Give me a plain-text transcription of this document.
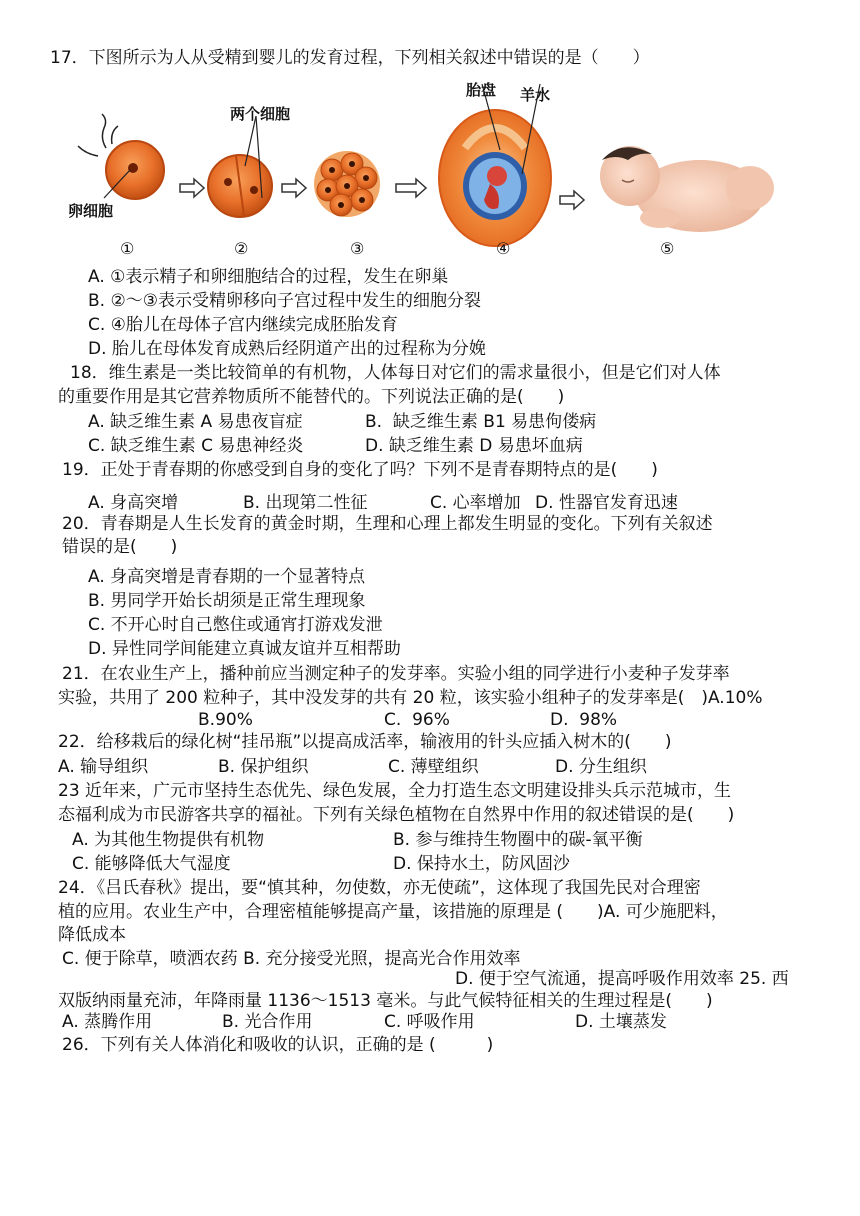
17．下图所示为人从受精到婴儿的发育过程，下列相关叙述中错误的是（　　）
卵细胞
两个细胞
胎盘 羊水
①	②	③	④	⑤
A. ①表示精子和卵细胞结合的过程，发生在卵巢
B. ②～③表示受精卵移向子宫过程中发生的细胞分裂
C. ④胎儿在母体子宫内继续完成胚胎发育
D. 胎儿在母体发育成熟后经阴道产出的过程称为分娩
18．维生素是一类比较简单的有机物，人体每日对它们的需求量很小，但是它们对人体
的重要作用是其它营养物质所不能替代的。下列说法正确的是(　　)
A. 缺乏维生素 A 易患夜盲症	B.  缺乏维生素 B1 易患佝偻病
C. 缺乏维生素 C 易患神经炎	D. 缺乏维生素 D 易患坏血病
19．正处于青春期的你感受到自身的变化了吗？下列不是青春期特点的是(　　)
A. 身高突增	B. 出现第二性征	C. 心率增加 D. 性器官发育迅速
20．青春期是人生长发育的黄金时期，生理和心理上都发生明显的变化。下列有关叙述
错误的是(　　)
A. 身高突增是青春期的一个显著特点
B. 男同学开始长胡须是正常生理现象
C. 不开心时自己憋住或通宵打游戏发泄
D. 异性同学间能建立真诚友谊并互相帮助
21．在农业生产上，播种前应当测定种子的发芽率。实验小组的同学进行小麦种子发芽率
实验，共用了 200 粒种子，其中没发芽的共有 20 粒，该实验小组种子的发芽率是(　)A.10%
B.90%	C.  96%	D.  98%
22．给移栽后的绿化树“挂吊瓶”以提高成活率，输液用的针头应插入树木的(　　)
A. 输导组织	B. 保护组织	C. 薄壁组织	D. 分生组织
23 近年来，广元市坚持生态优先、绿色发展，全力打造生态文明建设排头兵示范城市，生
态福利成为市民游客共享的福祉。下列有关绿色植物在自然界中作用的叙述错误的是(　　)
A. 为其他生物提供有机物	B. 参与维持生物圈中的碳-氧平衡
C. 能够降低大气湿度	D. 保持水土，防风固沙
24．《吕氏春秋》提出，要“慎其种，勿使数，亦无使疏”，这体现了我国先民对合理密
植的应用。农业生产中，合理密植能够提高产量，该措施的原理是 (　　)A. 可少施肥料，
降低成本
C. 便于除草，喷洒农药 B. 充分接受光照，提高光合作用效率
D. 便于空气流通，提高呼吸作用效率 25. 西
双版纳雨量充沛，年降雨量 1136～1513 毫米。与此气候特征相关的生理过程是(　　)
A. 蒸腾作用	B. 光合作用	C. 呼吸作用	D. 土壤蒸发
26．下列有关人体消化和吸收的认识，正确的是 (　　　)
